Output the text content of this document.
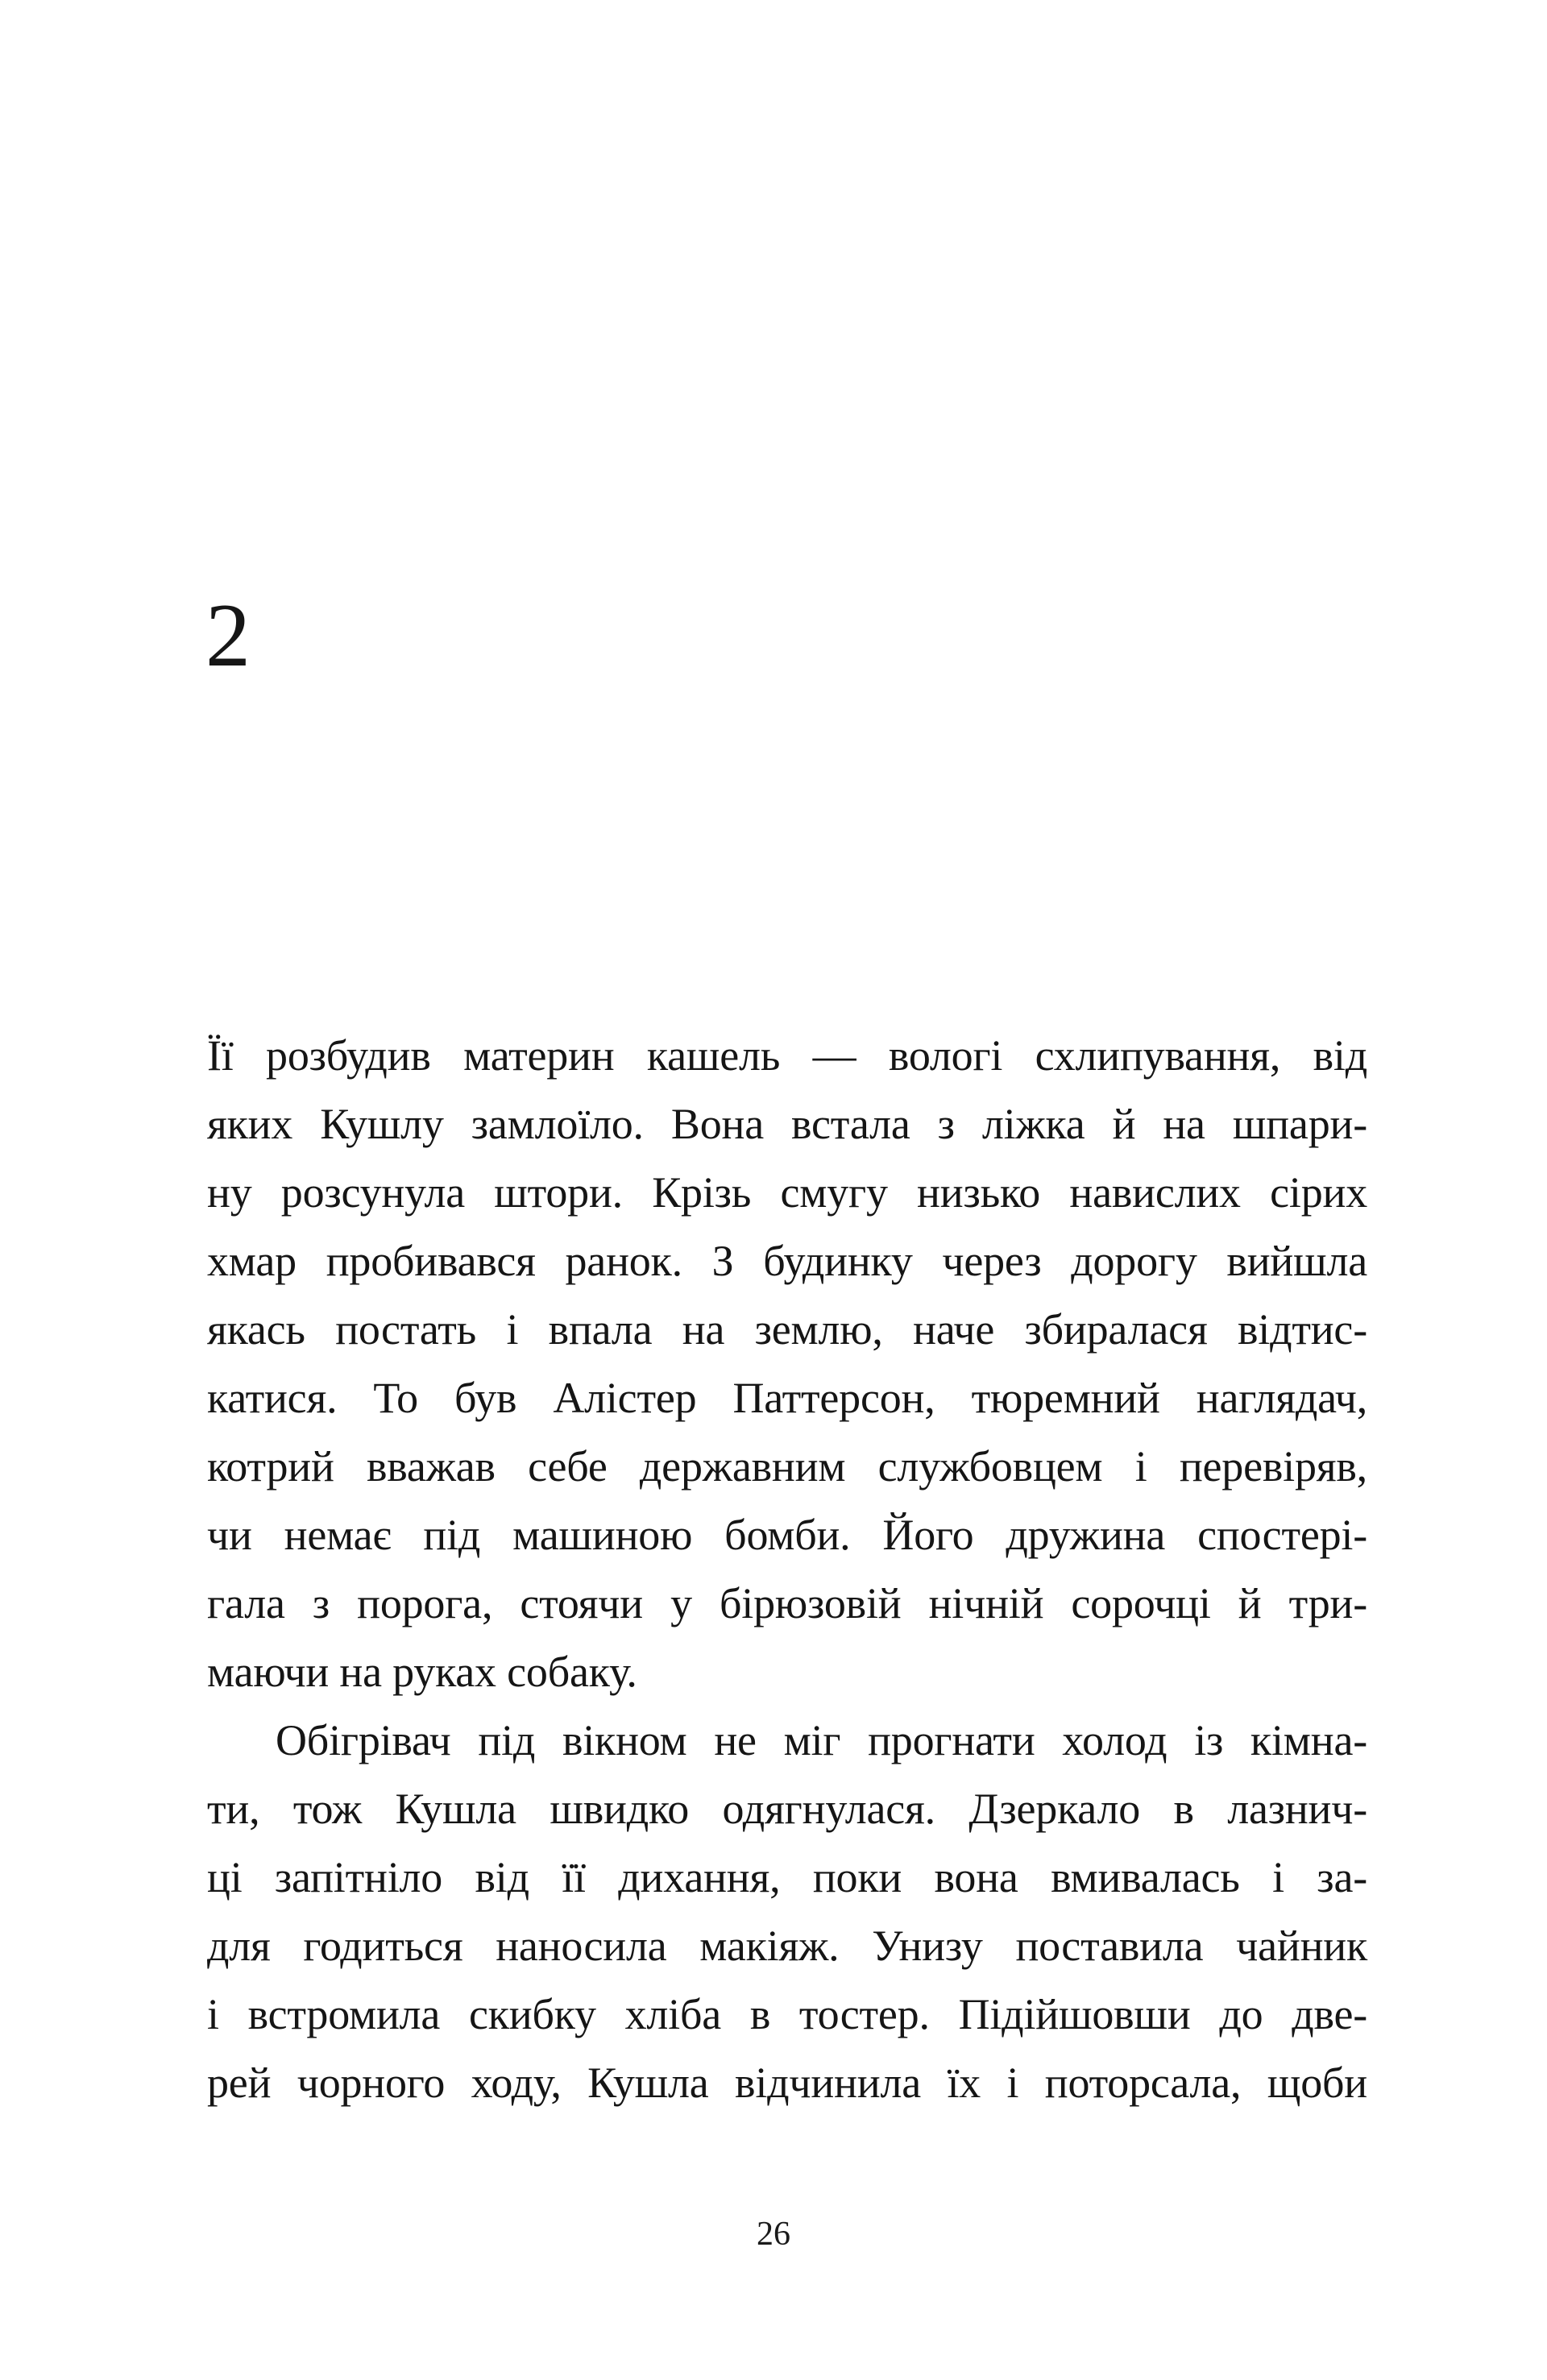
2
Її розбудив материн кашель — вологі схлипування, від
яких Кушлу замлоїло. Вона встала з ліжка й на шпари-
ну розсунула штори. Крізь смугу низько навислих сірих
хмар пробивався ранок. З будинку через дорогу вийшла
якась постать і впала на землю, наче збиралася відтис-
катися. То був Алістер Паттерсон, тюремний наглядач,
котрий вважав себе державним службовцем і перевіряв,
чи немає під машиною бомби. Його дружина спостері-
гала з порога, стоячи у бірюзовій нічній сорочці й три-
маючи на руках собаку.
Обігрівач під вікном не міг прогнати холод із кімна-
ти, тож Кушла швидко одягнулася. Дзеркало в лазнич-
ці запітніло від її дихання, поки вона вмивалась і за-
для годиться наносила макіяж. Унизу поставила чайник
і встромила скибку хліба в тостер. Підійшовши до две-
рей чорного ходу, Кушла відчинила їх і поторсала, щоби
26
